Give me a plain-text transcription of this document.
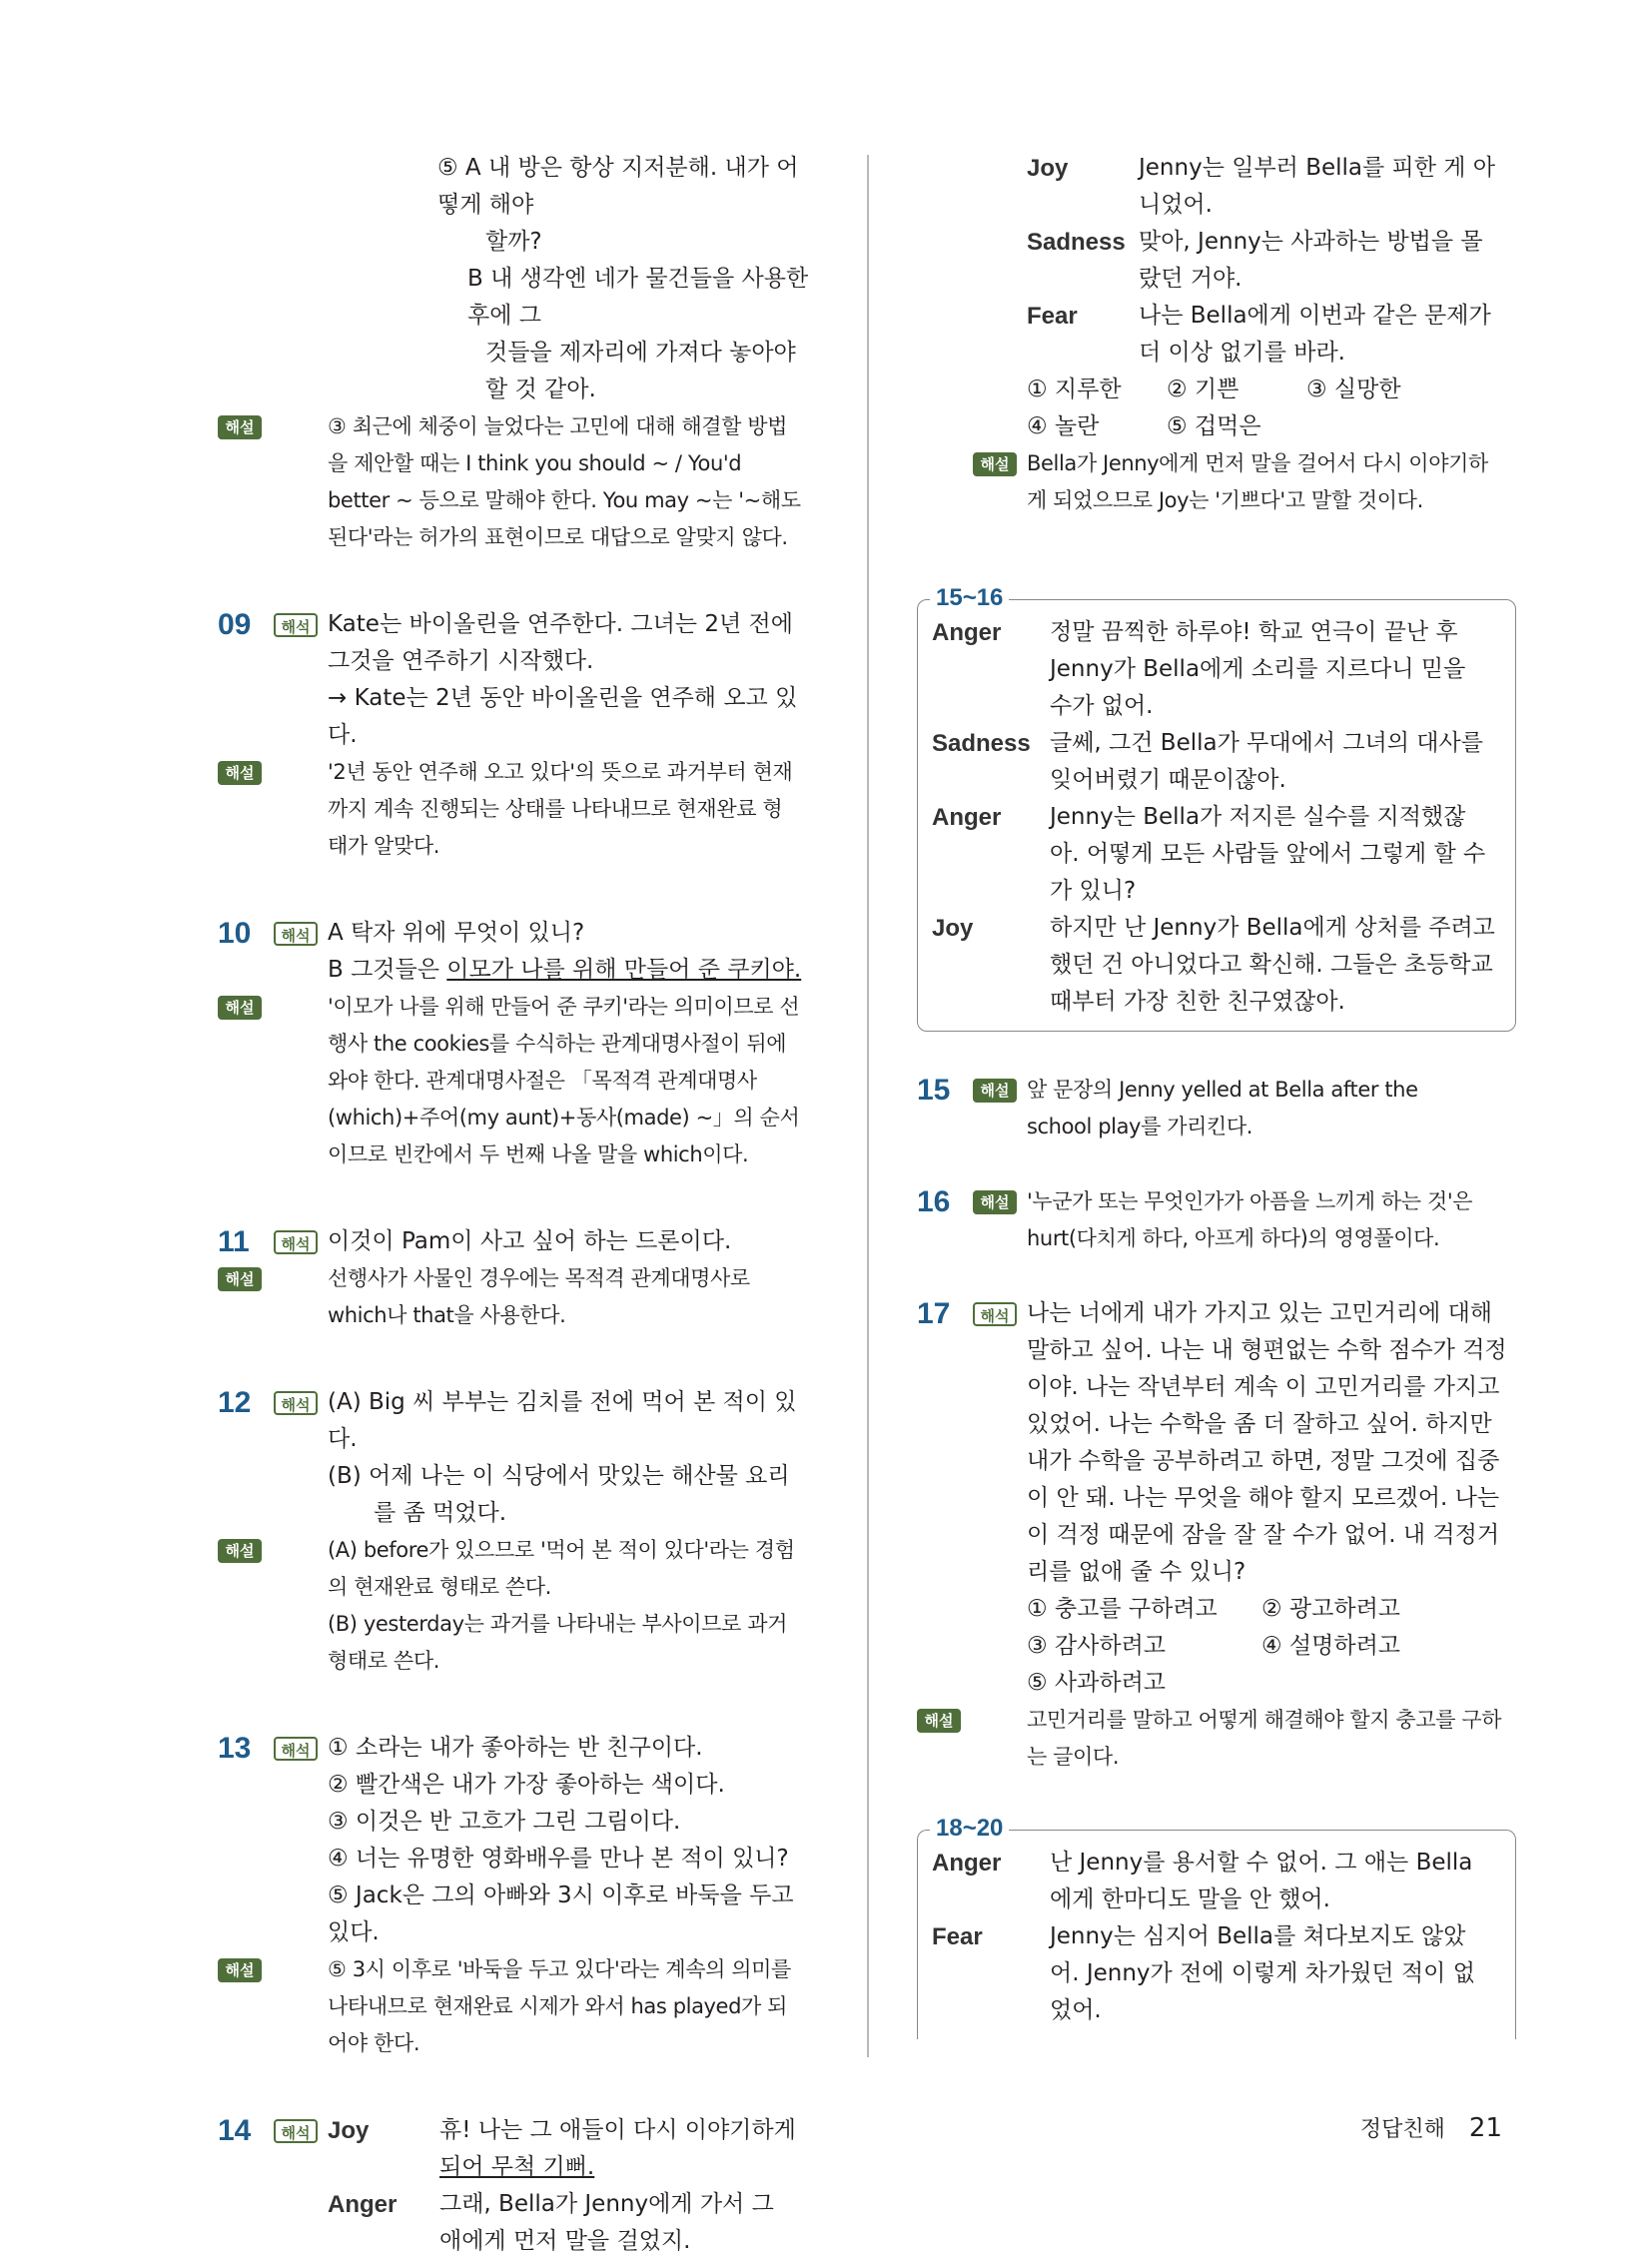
⑤ A 내 방은 항상 지저분해. 내가 어떻게 해야
할까?
B 내 생각엔 네가 물건들을 사용한 후에 그
것들을 제자리에 가져다 놓아야 할 것 같아.
해설	③ 최근에 체중이 늘었다는 고민에 대해 해결할 방법
을 제안할 때는 I think you should ~ / You'd
better ~ 등으로 말해야 한다. You may ~는 '~해도
된다'라는 허가의 표현이므로 대답으로 알맞지 않다.
09	해석 Kate는 바이올린을 연주한다. 그녀는 2년 전에
그것을 연주하기 시작했다.
→ Kate는 2년 동안 바이올린을 연주해 오고 있다.
해설	'2년 동안 연주해 오고 있다'의 뜻으로 과거부터 현재
까지 계속 진행되는 상태를 나타내므로 현재완료 형
태가 알맞다.
10	해석 A 탁자 위에 무엇이 있니?
B 그것들은 이모가 나를 위해 만들어 준 쿠키야.
해설	'이모가 나를 위해 만들어 준 쿠키'라는 의미이므로 선
행사 the cookies를 수식하는 관계대명사절이 뒤에
와야 한다. 관계대명사절은 「목적격 관계대명사
(which)+주어(my aunt)+동사(made) ~」의 순서
이므로 빈칸에서 두 번째 나올 말을 which이다.
11	해석 이것이 Pam이 사고 싶어 하는 드론이다.
해설	선행사가 사물인 경우에는 목적격 관계대명사로
which나 that을 사용한다.
12	해석 (A) Big 씨 부부는 김치를 전에 먹어 본 적이 있다.
(B) 어제 나는 이 식당에서 맛있는 해산물 요리
를 좀 먹었다.
해설	(A) before가 있으므로 '먹어 본 적이 있다'라는 경험
의 현재완료 형태로 쓴다.
(B) yesterday는 과거를 나타내는 부사이므로 과거
형태로 쓴다.
13	해석 ① 소라는 내가 좋아하는 반 친구이다.
② 빨간색은 내가 가장 좋아하는 색이다.
③ 이것은 반 고흐가 그린 그림이다.
④ 너는 유명한 영화배우를 만나 본 적이 있니?
⑤ Jack은 그의 아빠와 3시 이후로 바둑을 두고
있다.
해설	⑤ 3시 이후로 '바둑을 두고 있다'라는 계속의 의미를
나타내므로 현재완료 시제가 와서 has played가 되
어야 한다.
14	해석 Joy	휴! 나는 그 애들이 다시 이야기하게
되어 무척 기뻐.
Anger	그래, Bella가 Jenny에게 가서 그
애에게 먼저 말을 걸었지.
Joy	Jenny는 일부러 Bella를 피한 게 아
니었어.
Sadness 맞아, Jenny는 사과하는 방법을 몰
랐던 거야.
Fear	나는 Bella에게 이번과 같은 문제가
더 이상 없기를 바라.
① 지루한	② 기쁜	③ 실망한
④ 놀란	⑤ 겁먹은
해설 Bella가 Jenny에게 먼저 말을 걸어서 다시 이야기하
게 되었으므로 Joy는 '기쁘다'고 말할 것이다.
15~16
Anger	정말 끔찍한 하루야! 학교 연극이 끝난 후
Jenny가 Bella에게 소리를 지르다니 믿을
수가 없어.
Sadness 글쎄, 그건 Bella가 무대에서 그녀의 대사를
잊어버렸기 때문이잖아.
Anger	Jenny는 Bella가 저지른 실수를 지적했잖
아. 어떻게 모든 사람들 앞에서 그렇게 할 수
가 있니?
Joy	하지만 난 Jenny가 Bella에게 상처를 주려고
했던 건 아니었다고 확신해. 그들은 초등학교
때부터 가장 친한 친구였잖아.
15	해설 앞 문장의 Jenny yelled at Bella after the
school play를 가리킨다.
16	해설 '누군가 또는 무엇인가가 아픔을 느끼게 하는 것'은
hurt(다치게 하다, 아프게 하다)의 영영풀이다.
17	해석 나는 너에게 내가 가지고 있는 고민거리에 대해
말하고 싶어. 나는 내 형편없는 수학 점수가 걱정
이야. 나는 작년부터 계속 이 고민거리를 가지고
있었어. 나는 수학을 좀 더 잘하고 싶어. 하지만
내가 수학을 공부하려고 하면, 정말 그것에 집중
이 안 돼. 나는 무엇을 해야 할지 모르겠어. 나는
이 걱정 때문에 잠을 잘 잘 수가 없어. 내 걱정거
리를 없애 줄 수 있니?
① 충고를 구하려고	② 광고하려고
③ 감사하려고	④ 설명하려고
⑤ 사과하려고
해설	고민거리를 말하고 어떻게 해결해야 할지 충고를 구하
는 글이다.
18~20
Anger	난 Jenny를 용서할 수 없어. 그 애는 Bella
에게 한마디도 말을 안 했어.
Fear	Jenny는 심지어 Bella를 쳐다보지도 않았
어. Jenny가 전에 이렇게 차가웠던 적이 없
었어.
정답친해 21
